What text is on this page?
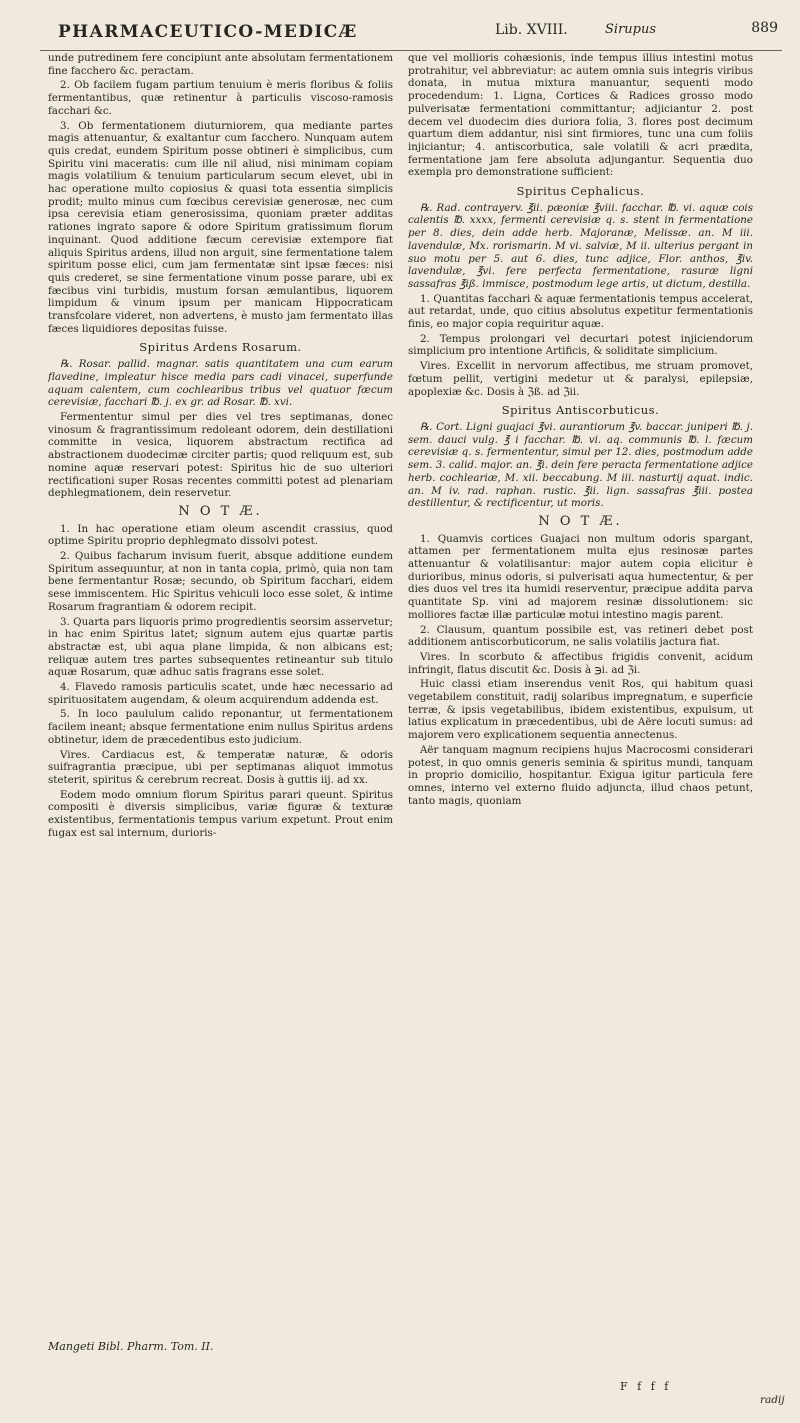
PHARMACEUTICO-MEDICÆ	Lib. XVIII.	Sirupus	889

unde putredinem fere concipiunt ante absolutam fermentationem fine facchero &c. peractam.

2. Ob facilem fugam partium tenuium è meris floribus & foliis fermentantibus, quæ retinentur à particulis viscoso-ramosis facchari &c.

3. Ob fermentationem diuturniorem, qua mediante partes magis attenuantur, & exaltantur cum facchero. Nunquam autem quis credat, eundem Spiritum posse obtineri è simplicibus, cum Spiritu vini maceratis: cum ille nil aliud, nisi minimam copiam magis volatilium & tenuium particularum secum elevet, ubi in hac operatione multo copiosius & quasi tota essentia simplicis prodit; multo minus cum fœcibus cerevisiæ generosæ, nec cum ipsa cerevisia etiam generosissima, quoniam præter additas rationes ingrato sapore & odore Spiritum gratissimum florum inquinant. Quod additione fæcum cerevisiæ extempore fiat aliquis Spiritus ardens, illud non arguit, sine fermentatione talem spiritum posse elici, cum jam fermentatæ sint ipsæ fæces: nisi quis crederet, se sine fermentatione vinum posse parare, ubi ex fæcibus vini turbidis, mustum forsan æmulantibus, liquorem limpidum & vinum ipsum per manicam Hippocraticam transfcolare videret, non advertens, è musto jam fermentato illas fæces liquidiores depositas fuisse.

Spiritus Ardens Rosarum.

℞. Rosar. pallid. magnar. satis quantitatem una cum earum flavedine, impleatur hisce media pars cadi vinacei, superfunde aquam calentem, cum cochlearibus tribus vel quatuor fæcum cerevisiæ, facchari ℔. j. ex gr. ad Rosar. ℔. xvi.

Fermententur simul per dies vel tres septimanas, donec vinosum & fragrantissimum redoleant odorem, dein destillationi committe in vesica, liquorem abstractum rectifica ad abstractionem duodecimæ circiter partis; quod reliquum est, sub nomine aquæ reservari potest: Spiritus hic de suo ulteriori rectificationi super Rosas recentes committi potest ad plenariam dephlegmationem, dein reservetur.

N O T Æ.

1. In hac operatione etiam oleum ascendit crassius, quod optime Spiritu proprio dephlegmato dissolvi potest.

2. Quibus facharum invisum fuerit, absque additione eundem Spiritum assequuntur, at non in tanta copia, primò, quia non tam bene fermentantur Rosæ; secundo, ob Spiritum facchari, eidem sese immiscentem. Hic Spiritus vehiculi loco esse solet, & intime Rosarum fragrantiam & odorem recipit.

3. Quarta pars liquoris primo progredientis seorsim asservetur; in hac enim Spiritus latet; signum autem ejus quartæ partis abstractæ est, ubi aqua plane limpida, & non albicans est; reliquæ autem tres partes subsequentes retineantur sub titulo aquæ Rosarum, quæ adhuc satis fragrans esse solet.

4. Flavedo ramosis particulis scatet, unde hæc necessario ad spirituositatem augendam, & oleum acquirendum addenda est.

5. In loco paululum calido reponantur, ut fermentationem facilem ineant; absque fermentatione enim nullus Spiritus ardens obtinetur, idem de præcedentibus esto judicium.

Vires. Cardiacus est, & temperatæ naturæ, & odoris suifragrantia præcipue, ubi per septimanas aliquot immotus steterit, spiritus & cerebrum recreat. Dosis à guttis iij. ad xx.

Eodem modo omnium florum Spiritus parari queunt. Spiritus compositi è diversis simplicibus, variæ figuræ & texturæ existentibus, fermentationis tempus varium expetunt. Prout enim fugax est sal internum, durioris-

Mangeti Bibl. Pharm. Tom. II.

que vel mollioris cohæsionis, inde tempus illius intestini motus protrahitur, vel abbreviatur: ac autem omnia suis integris viribus donata, in mutua mixtura manuantur, sequenti modo procedendum: 1. Ligna, Cortices & Radices grosso modo pulverisatæ fermentationi committantur; adjiciantur 2. post decem vel duodecim dies duriora folia, 3. flores post decimum quartum diem addantur, nisi sint firmiores, tunc una cum foliis injiciantur; 4. antiscorbutica, sale volatili & acri prædita, fermentatione jam fere absoluta adjungantur. Sequentia duo exempla pro demonstratione sufficient:

Spiritus Cephalicus.

℞. Rad. contrayerv. ℥ii. pæoniæ ℥viii. facchar. ℔. vi. aquæ cois calentis ℔. xxxx, fermenti cerevisiæ q. s. stent in fermentatione per 8. dies, dein adde herb. Majoranæ, Melissæ. an. M iii. lavendulæ, Mx. rorismarin. M vi. salviæ, M ii. ulterius pergant in suo motu per 5. aut 6. dies, tunc adjice, Flor. anthos, ℥iv. lavendulæ, ℥vi. fere perfecta fermentatione, rasuræ ligni sassafras ℥iß. immisce, postmodum lege artis, ut dictum, destilla.

1. Quantitas facchari & aquæ fermentationis tempus accelerat, aut retardat, unde, quo citius absolutus expetitur fermentationis finis, eo major copia requiritur aquæ.

2. Tempus prolongari vel decurtari potest injiciendorum simplicium pro intentione Artificis, & soliditate simplicium.

Vires. Excellit in nervorum affectibus, me struam promovet, fœtum pellit, vertigini medetur ut & paralysi, epilepsiæ, apoplexiæ &c. Dosis à ℨß. ad ℨii.

Spiritus Antiscorbuticus.

℞. Cort. Ligni guajaci ℥vi. aurantiorum ℥v. baccar. juniperi ℔. j. sem. dauci vulg. ℥ i facchar. ℔. vi. aq. communis ℔. l. fæcum cerevisiæ q. s. fermententur, simul per 12. dies, postmodum adde sem. 3. calid. major. an. ℥i. dein fere peracta fermentatione adjice herb. cochleariæ, M. xii. beccabung. M iii. nasturtij aquat. indic. an. M iv. rad. raphan. rustic. ℥ii. lign. sassafras ℥iii. postea destillentur, & rectificentur, ut moris.

N O T Æ.

1. Quamvis cortices Guajaci non multum odoris spargant, attamen per fermentationem multa ejus resinosæ partes attenuantur & volatilisantur: major autem copia elicitur è durioribus, minus odoris, si pulverisati aqua humectentur, & per dies duos vel tres ita humidi reserventur, præcipue addita parva quantitate Sp. vini ad majorem resinæ dissolutionem: sic molliores factæ illæ particulæ motui intestino magis parent.

2. Clausum, quantum possibile est, vas retineri debet post additionem antiscorbuticorum, ne salis volatilis jactura fiat.

Vires. In scorbuto & affectibus frigidis convenit, acidum infringit, flatus discutit &c. Dosis à ℈i. ad ℨi.

Huic classi etiam inserendus venit Ros, qui habitum quasi vegetabilem constituit, radij solaribus impregnatum, e superficie terræ, & ipsis vegetabilibus, ibidem existentibus, expulsum, ut latius explicatum in præcedentibus, ubi de Aëre locuti sumus: ad majorem vero explicationem sequentia annectenus.

Aër tanquam magnum recipiens hujus Macrocosmi considerari potest, in quo omnis generis seminia & spiritus mundi, tanquam in proprio domicilio, hospitantur. Exigua igitur particula fere omnes, interno vel externo fluido adjuncta, illud chaos petunt, tanto magis, quoniam

F f f f
radij
